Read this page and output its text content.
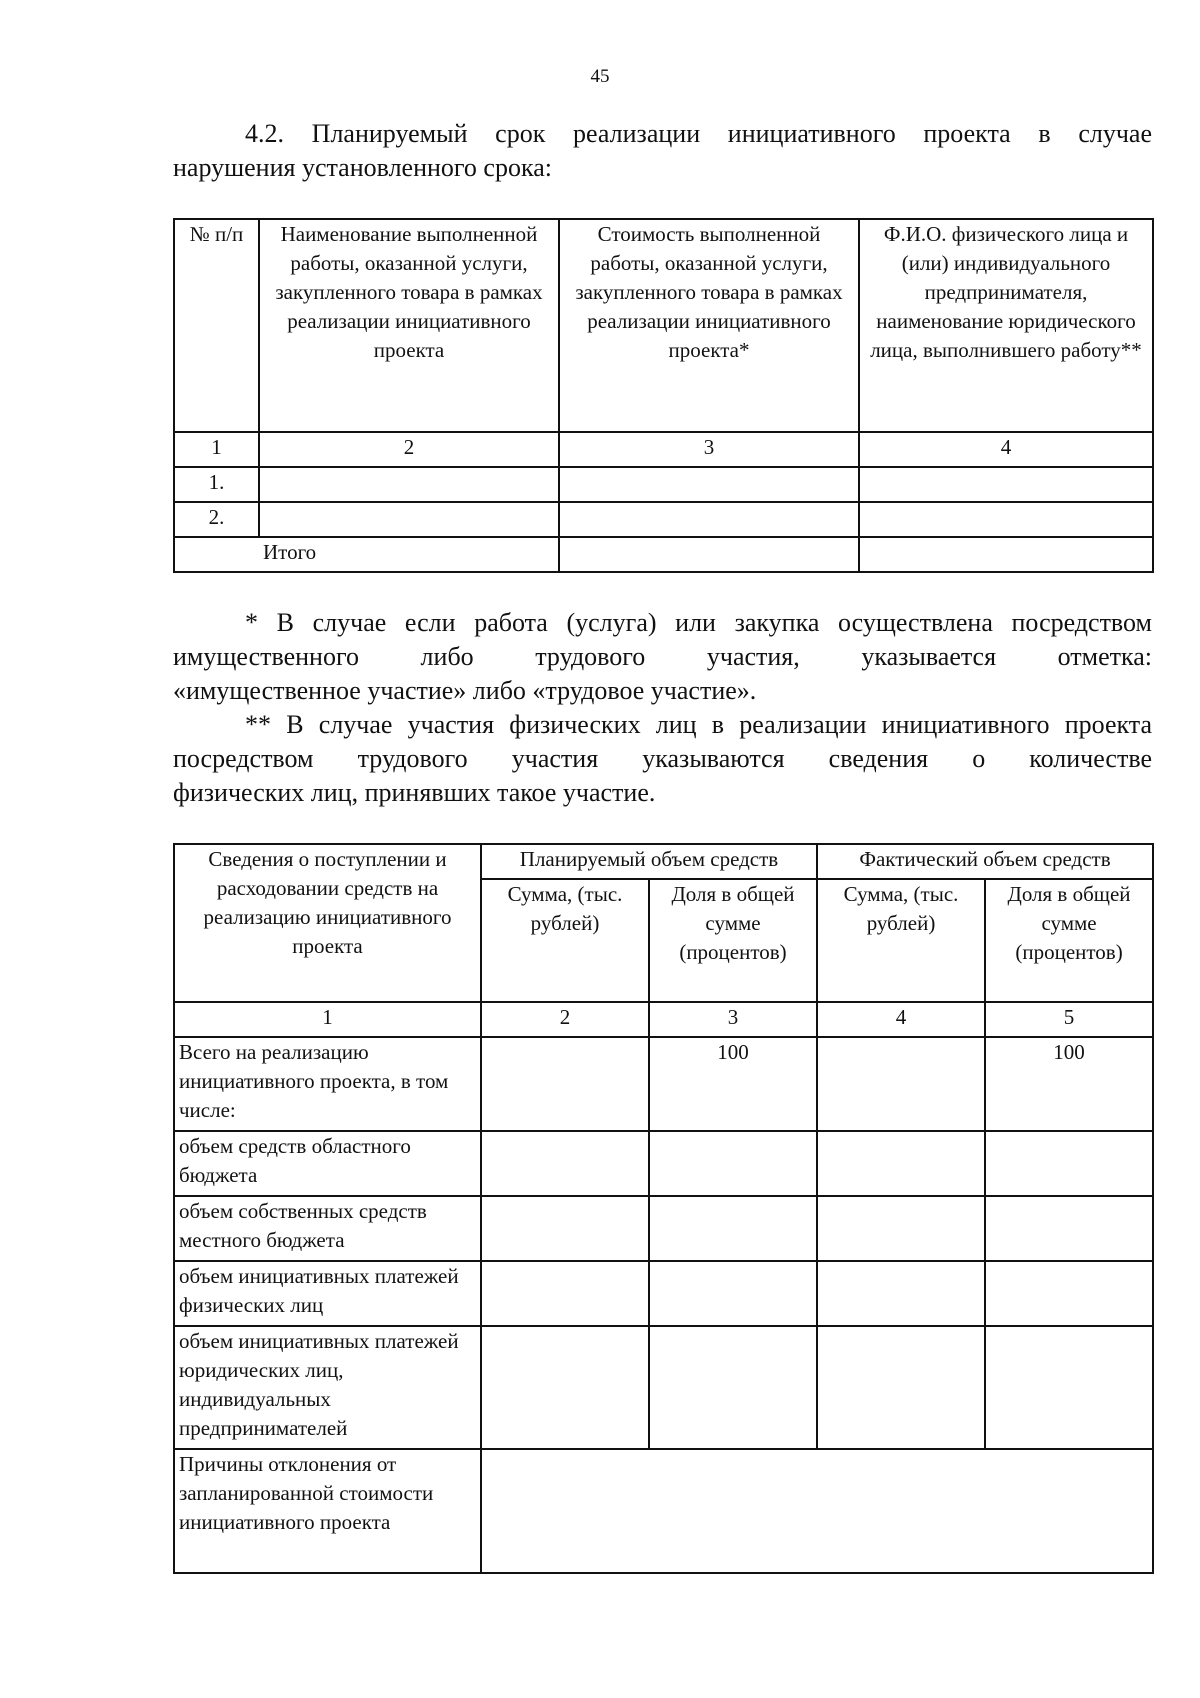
45

4.2. Планируемый срок реализации инициативного проекта в случае

нарушения установленного срока:

№ п/п	Наименование выполненной работы, оказанной услуги, закупленного товара в рамках реализации инициативного проекта	Стоимость выполненной работы, оказанной услуги, закупленного товара в рамках реализации инициативного проекта*	Ф.И.О. физического лица и (или) индивидуального предпринимателя, наименование юридического лица, выполнившего работу**
1	2	3	4
1.			
2.			
Итого			

* В случае если работа (услуга) или закупка осуществлена посредством

имущественного либо трудового участия, указывается отметка:

«имущественное участие» либо «трудовое участие».

** В случае участия физических лиц в реализации инициативного проекта

посредством трудового участия указываются сведения о количестве

физических лиц, принявших такое участие.

Сведения о поступлении и расходовании средств на реализацию инициативного проекта	Планируемый объем средств		Фактический объем средств	
	Сумма, (тыс. рублей)	Доля в общей сумме (процентов)	Сумма, (тыс. рублей)	Доля в общей сумме (процентов)
1	2	3	4	5
Всего на реализацию инициативного проекта, в том числе:		100		100
объем средств областного бюджета				
объем собственных средств местного бюджета				
объем инициативных платежей физических лиц				
объем инициативных платежей юридических лиц, индивидуальных предпринимателей				
Причины отклонения от запланированной стоимости инициативного проекта				
